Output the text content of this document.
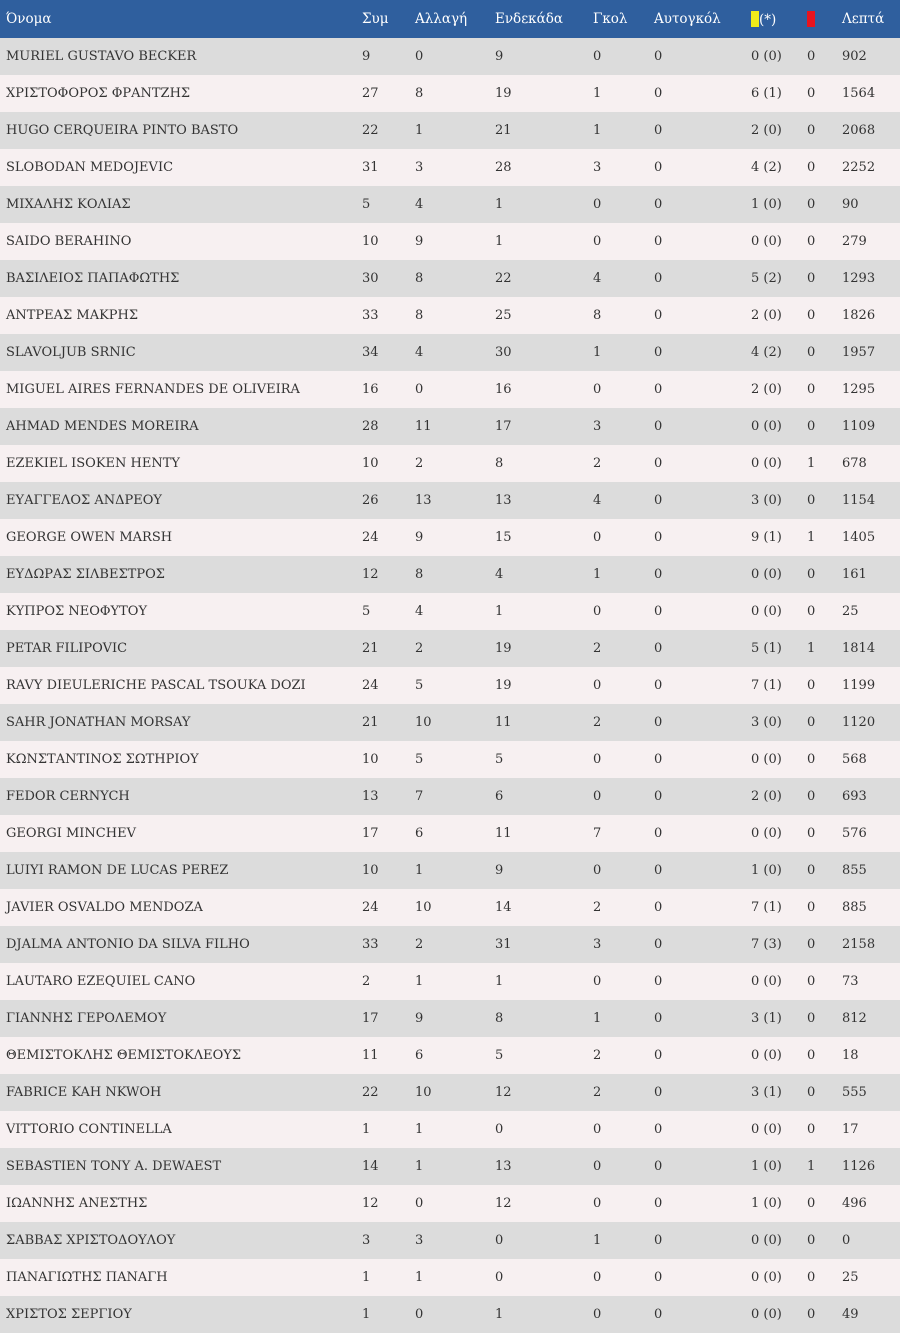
Όνομα	Συμ	Αλλαγή	Ενδεκάδα	Γκολ	Αυτογκόλ	(*)		Λεπτά
MURIEL GUSTAVO BECKER	9	0	9	0	0	0 (0)	0	902
ΧΡΙΣΤΟΦΟΡΟΣ ΦΡΑΝΤΖΗΣ	27	8	19	1	0	6 (1)	0	1564
HUGO CERQUEIRA PINTO BASTO	22	1	21	1	0	2 (0)	0	2068
SLOBODAN MEDOJEVIC	31	3	28	3	0	4 (2)	0	2252
ΜΙΧΑΛΗΣ ΚΟΛΙΑΣ	5	4	1	0	0	1 (0)	0	90
SAIDO BERAHINO	10	9	1	0	0	0 (0)	0	279
ΒΑΣΙΛΕΙΟΣ ΠΑΠΑΦΩΤΗΣ	30	8	22	4	0	5 (2)	0	1293
ΑΝΤΡΕΑΣ ΜΑΚΡΗΣ	33	8	25	8	0	2 (0)	0	1826
SLAVOLJUB SRNIC	34	4	30	1	0	4 (2)	0	1957
MIGUEL AIRES FERNANDES DE OLIVEIRA	16	0	16	0	0	2 (0)	0	1295
AHMAD MENDES MOREIRA	28	11	17	3	0	0 (0)	0	1109
EZEKIEL ISOKEN HENTY	10	2	8	2	0	0 (0)	1	678
ΕΥΑΓΓΕΛΟΣ ΑΝΔΡΕΟΥ	26	13	13	4	0	3 (0)	0	1154
GEORGE OWEN MARSH	24	9	15	0	0	9 (1)	1	1405
ΕΥΔΩΡΑΣ ΣΙΛΒΕΣΤΡΟΣ	12	8	4	1	0	0 (0)	0	161
ΚΥΠΡΟΣ ΝΕΟΦΥΤΟΥ	5	4	1	0	0	0 (0)	0	25
PETAR FILIPOVIC	21	2	19	2	0	5 (1)	1	1814
RAVY DIEULERICHE PASCAL TSOUKA DOZI	24	5	19	0	0	7 (1)	0	1199
SAHR JONATHAN MORSAY	21	10	11	2	0	3 (0)	0	1120
ΚΩΝΣΤΑΝΤΙΝΟΣ ΣΩΤΗΡΙΟΥ	10	5	5	0	0	0 (0)	0	568
FEDOR CERNYCH	13	7	6	0	0	2 (0)	0	693
GEORGI MINCHEV	17	6	11	7	0	0 (0)	0	576
LUIYI RAMON DE LUCAS PEREZ	10	1	9	0	0	1 (0)	0	855
JAVIER OSVALDO MENDOZA	24	10	14	2	0	7 (1)	0	885
DJALMA ANTONIO DA SILVA FILHO	33	2	31	3	0	7 (3)	0	2158
LAUTARO EZEQUIEL CANO	2	1	1	0	0	0 (0)	0	73
ΓΙΑΝΝΗΣ ΓΕΡΟΛΕΜΟΥ	17	9	8	1	0	3 (1)	0	812
ΘΕΜΙΣΤΟΚΛΗΣ ΘΕΜΙΣΤΟΚΛΕΟΥΣ	11	6	5	2	0	0 (0)	0	18
FABRICE KAH NKWOH	22	10	12	2	0	3 (1)	0	555
VITTORIO CONTINELLA	1	1	0	0	0	0 (0)	0	17
SEBASTIEN TONY A. DEWAEST	14	1	13	0	0	1 (0)	1	1126
ΙΩΑΝΝΗΣ ΑΝΕΣΤΗΣ	12	0	12	0	0	1 (0)	0	496
ΣΑΒΒΑΣ ΧΡΙΣΤΟΔΟΥΛΟΥ	3	3	0	1	0	0 (0)	0	0
ΠΑΝΑΓΙΩΤΗΣ ΠΑΝΑΓΗ	1	1	0	0	0	0 (0)	0	25
ΧΡΙΣΤΟΣ ΣΕΡΓΙΟΥ	1	0	1	0	0	0 (0)	0	49
